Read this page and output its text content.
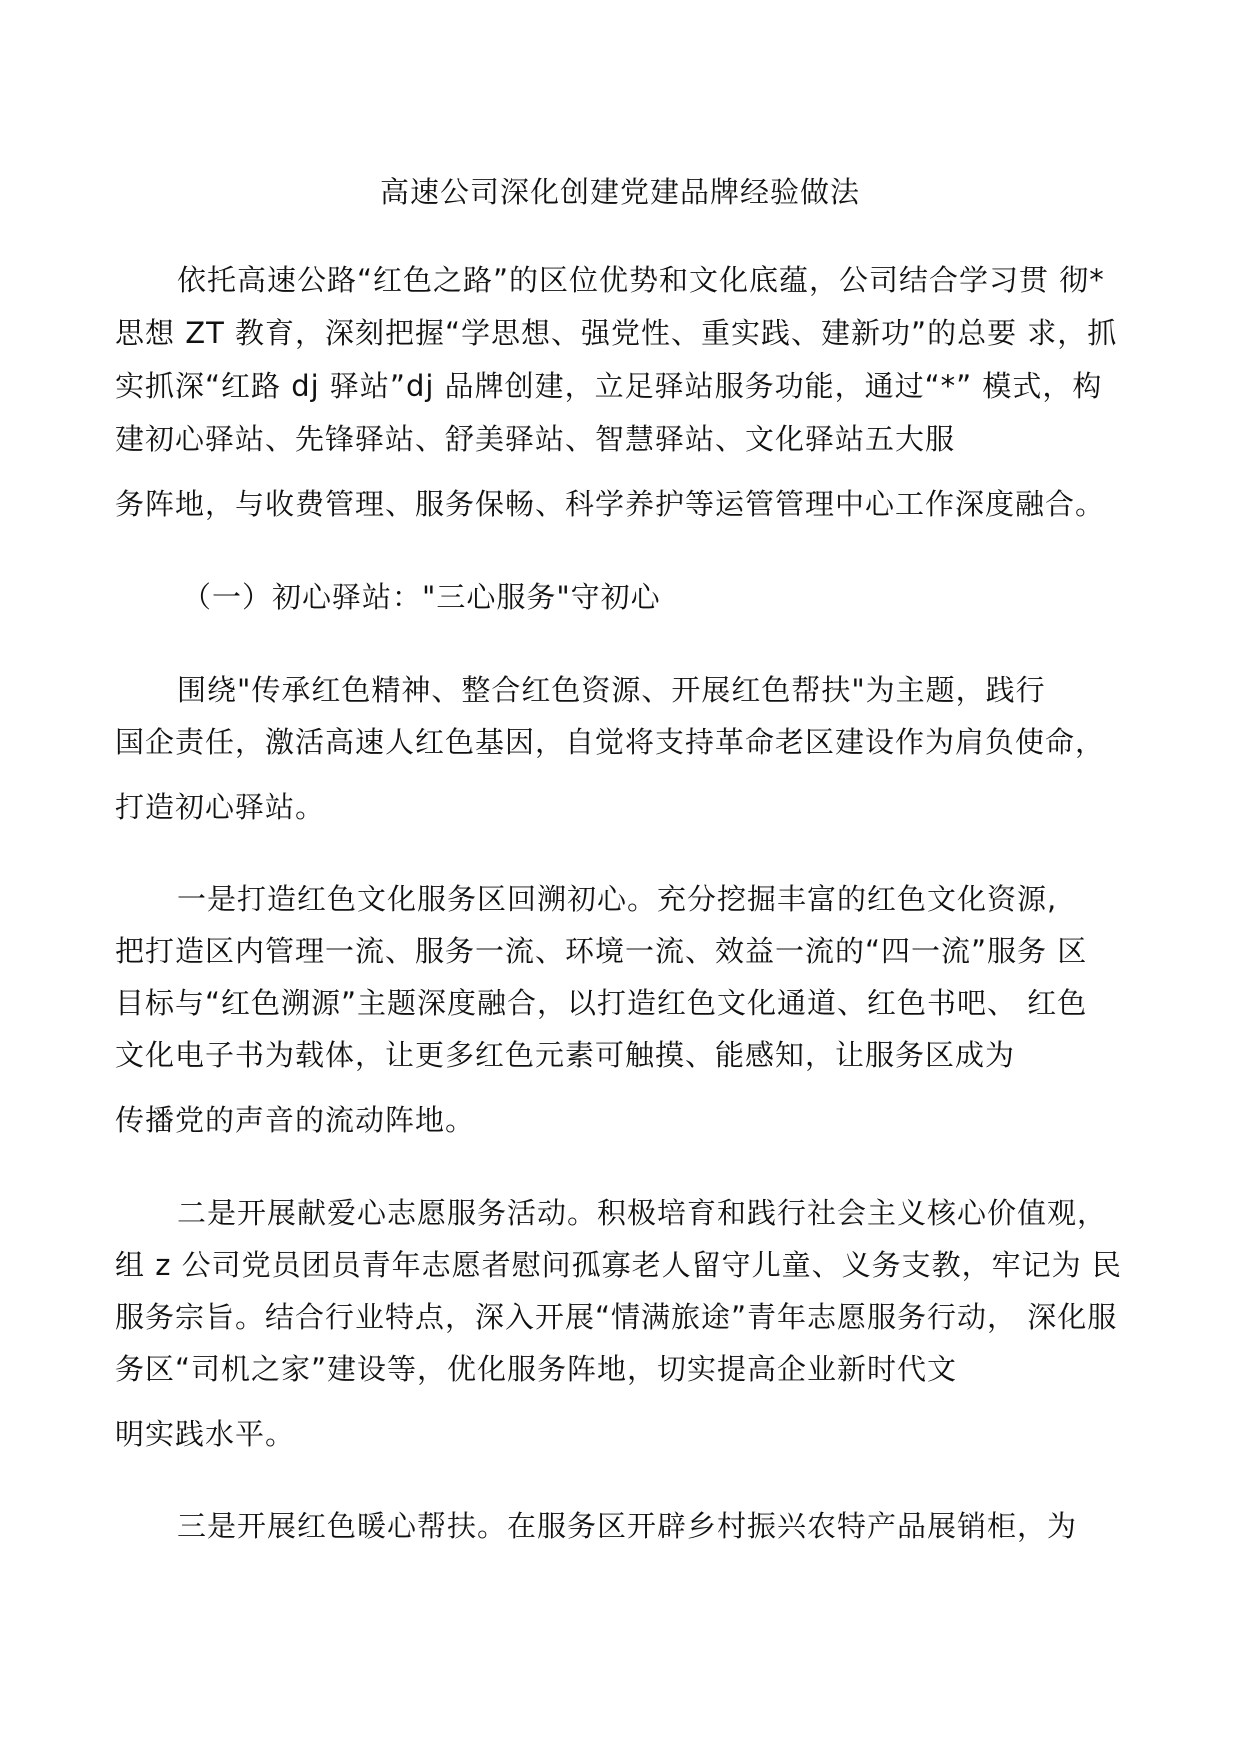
高速公司深化创建党建品牌经验做法
依托高速公路“红色之路”的区位优势和文化底蕴，公司结合学习贯 彻*
思想 ZT 教育，深刻把握“学思想、强党性、重实践、建新功”的总要 求，抓
实抓深“红路 dj 驿站”dj 品牌创建，立足驿站服务功能，通过“*” 模式，构
建初心驿站、先锋驿站、舒美驿站、智慧驿站、文化驿站五大服
务阵地，与收费管理、服务保畅、科学养护等运管管理中心工作深度融合。
（一）初心驿站："三心服务"守初心
围绕"传承红色精神、整合红色资源、开展红色帮扶"为主题，践行
国企责任，激活高速人红色基因，自觉将支持革命老区建设作为肩负使命，
打造初心驿站。
一是打造红色文化服务区回溯初心。充分挖掘丰富的红色文化资源,
把打造区内管理一流、服务一流、环境一流、效益一流的“四一流”服务 区
目标与“红色溯源”主题深度融合，以打造红色文化通道、红色书吧、 红色
文化电子书为载体，让更多红色元素可触摸、能感知，让服务区成为
传播党的声音的流动阵地。
二是开展献爱心志愿服务活动。积极培育和践行社会主义核心价值观，
组 z 公司党员团员青年志愿者慰问孤寡老人留守儿童、义务支教，牢记为 民
服务宗旨。结合行业特点，深入开展“情满旅途”青年志愿服务行动， 深化服
务区“司机之家”建设等，优化服务阵地，切实提高企业新时代文
明实践水平。
三是开展红色暖心帮扶。在服务区开辟乡村振兴农特产品展销柜，为
